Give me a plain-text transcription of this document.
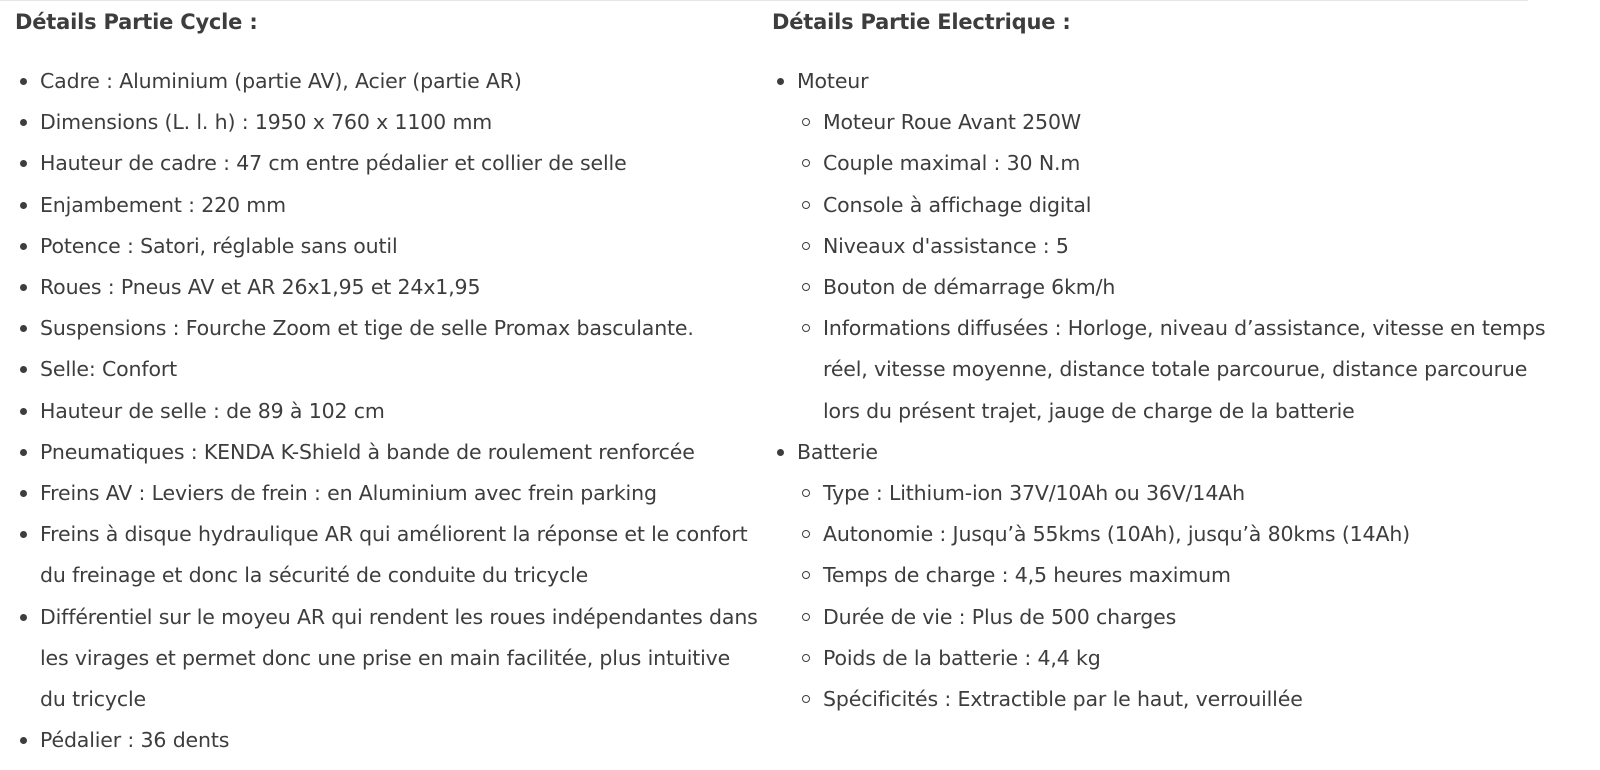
Détails Partie Cycle :
Cadre : Aluminium (partie AV), Acier (partie AR)
Dimensions (L. l. h) : 1950 x 760 x 1100 mm
Hauteur de cadre : 47 cm entre pédalier et collier de selle
Enjambement : 220 mm
Potence : Satori, réglable sans outil
Roues : Pneus AV et AR 26x1,95 et 24x1,95
Suspensions : Fourche Zoom et tige de selle Promax basculante.
Selle: Confort
Hauteur de selle : de 89 à 102 cm
Pneumatiques : KENDA K-Shield à bande de roulement renforcée
Freins AV : Leviers de frein : en Aluminium avec frein parking
Freins à disque hydraulique AR qui améliorent la réponse et le confort du freinage et donc la sécurité de conduite du tricycle
Différentiel sur le moyeu AR qui rendent les roues indépendantes dans les virages et permet donc une prise en main facilitée, plus intuitive du tricycle
Pédalier : 36 dents
Détails Partie Electrique :
Moteur
Moteur Roue Avant 250W
Couple maximal : 30 N.m
Console à affichage digital
Niveaux d'assistance : 5
Bouton de démarrage 6km/h
Informations diffusées : Horloge, niveau d’assistance, vitesse en temps réel, vitesse moyenne, distance totale parcourue, distance parcourue lors du présent trajet, jauge de charge de la batterie
Batterie
Type : Lithium-ion 37V/10Ah ou 36V/14Ah
Autonomie : Jusqu’à 55kms (10Ah), jusqu’à 80kms (14Ah)
Temps de charge : 4,5 heures maximum
Durée de vie : Plus de 500 charges
Poids de la batterie : 4,4 kg
Spécificités : Extractible par le haut, verrouillée
